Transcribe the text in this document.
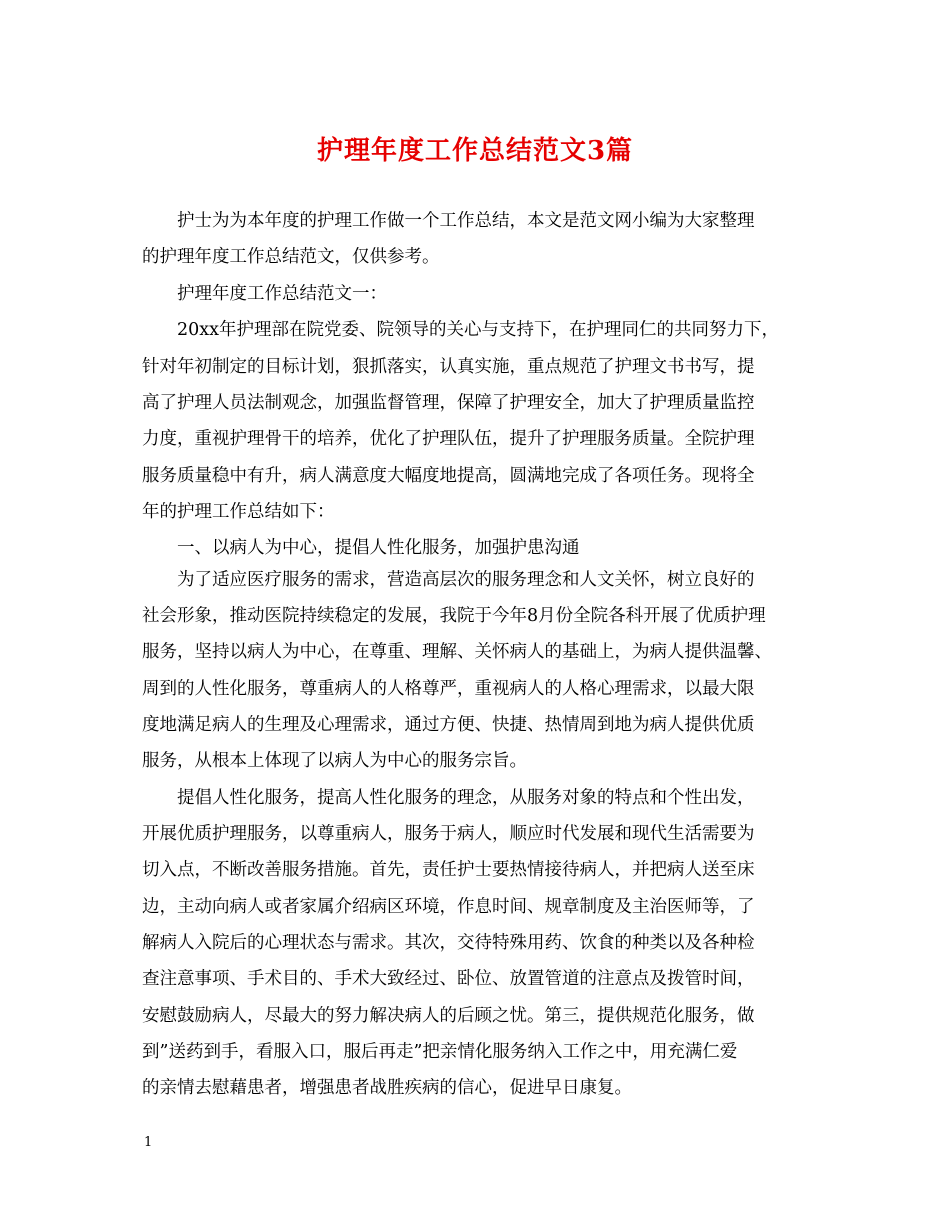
护理年度工作总结范文3篇
护士为为本年度的护理工作做一个工作总结，本文是范文网小编为大家整理
的护理年度工作总结范文，仅供参考。
护理年度工作总结范文一：
20xx年护理部在院党委、院领导的关心与支持下，在护理同仁的共同努力下，
针对年初制定的目标计划，狠抓落实，认真实施，重点规范了护理文书书写，提
高了护理人员法制观念，加强监督管理，保障了护理安全，加大了护理质量监控
力度，重视护理骨干的培养，优化了护理队伍，提升了护理服务质量。全院护理
服务质量稳中有升，病人满意度大幅度地提高，圆满地完成了各项任务。现将全
年的护理工作总结如下：
一、以病人为中心，提倡人性化服务，加强护患沟通
为了适应医疗服务的需求，营造高层次的服务理念和人文关怀，树立良好的
社会形象，推动医院持续稳定的发展，我院于今年8月份全院各科开展了优质护理
服务，坚持以病人为中心，在尊重、理解、关怀病人的基础上，为病人提供温馨、
周到的人性化服务，尊重病人的人格尊严，重视病人的人格心理需求，以最大限
度地满足病人的生理及心理需求，通过方便、快捷、热情周到地为病人提供优质
服务，从根本上体现了以病人为中心的服务宗旨。
提倡人性化服务，提高人性化服务的理念，从服务对象的特点和个性出发，
开展优质护理服务，以尊重病人，服务于病人，顺应时代发展和现代生活需要为
切入点，不断改善服务措施。首先，责任护士要热情接待病人，并把病人送至床
边，主动向病人或者家属介绍病区环境，作息时间、规章制度及主治医师等，了
解病人入院后的心理状态与需求。其次，交待特殊用药、饮食的种类以及各种检
查注意事项、手术目的、手术大致经过、卧位、放置管道的注意点及拨管时间，
安慰鼓励病人，尽最大的努力解决病人的后顾之忧。第三，提供规范化服务，做
到”送药到手，看服入口，服后再走”把亲情化服务纳入工作之中，用充满仁爱
的亲情去慰藉患者，增强患者战胜疾病的信心，促进早日康复。
1
